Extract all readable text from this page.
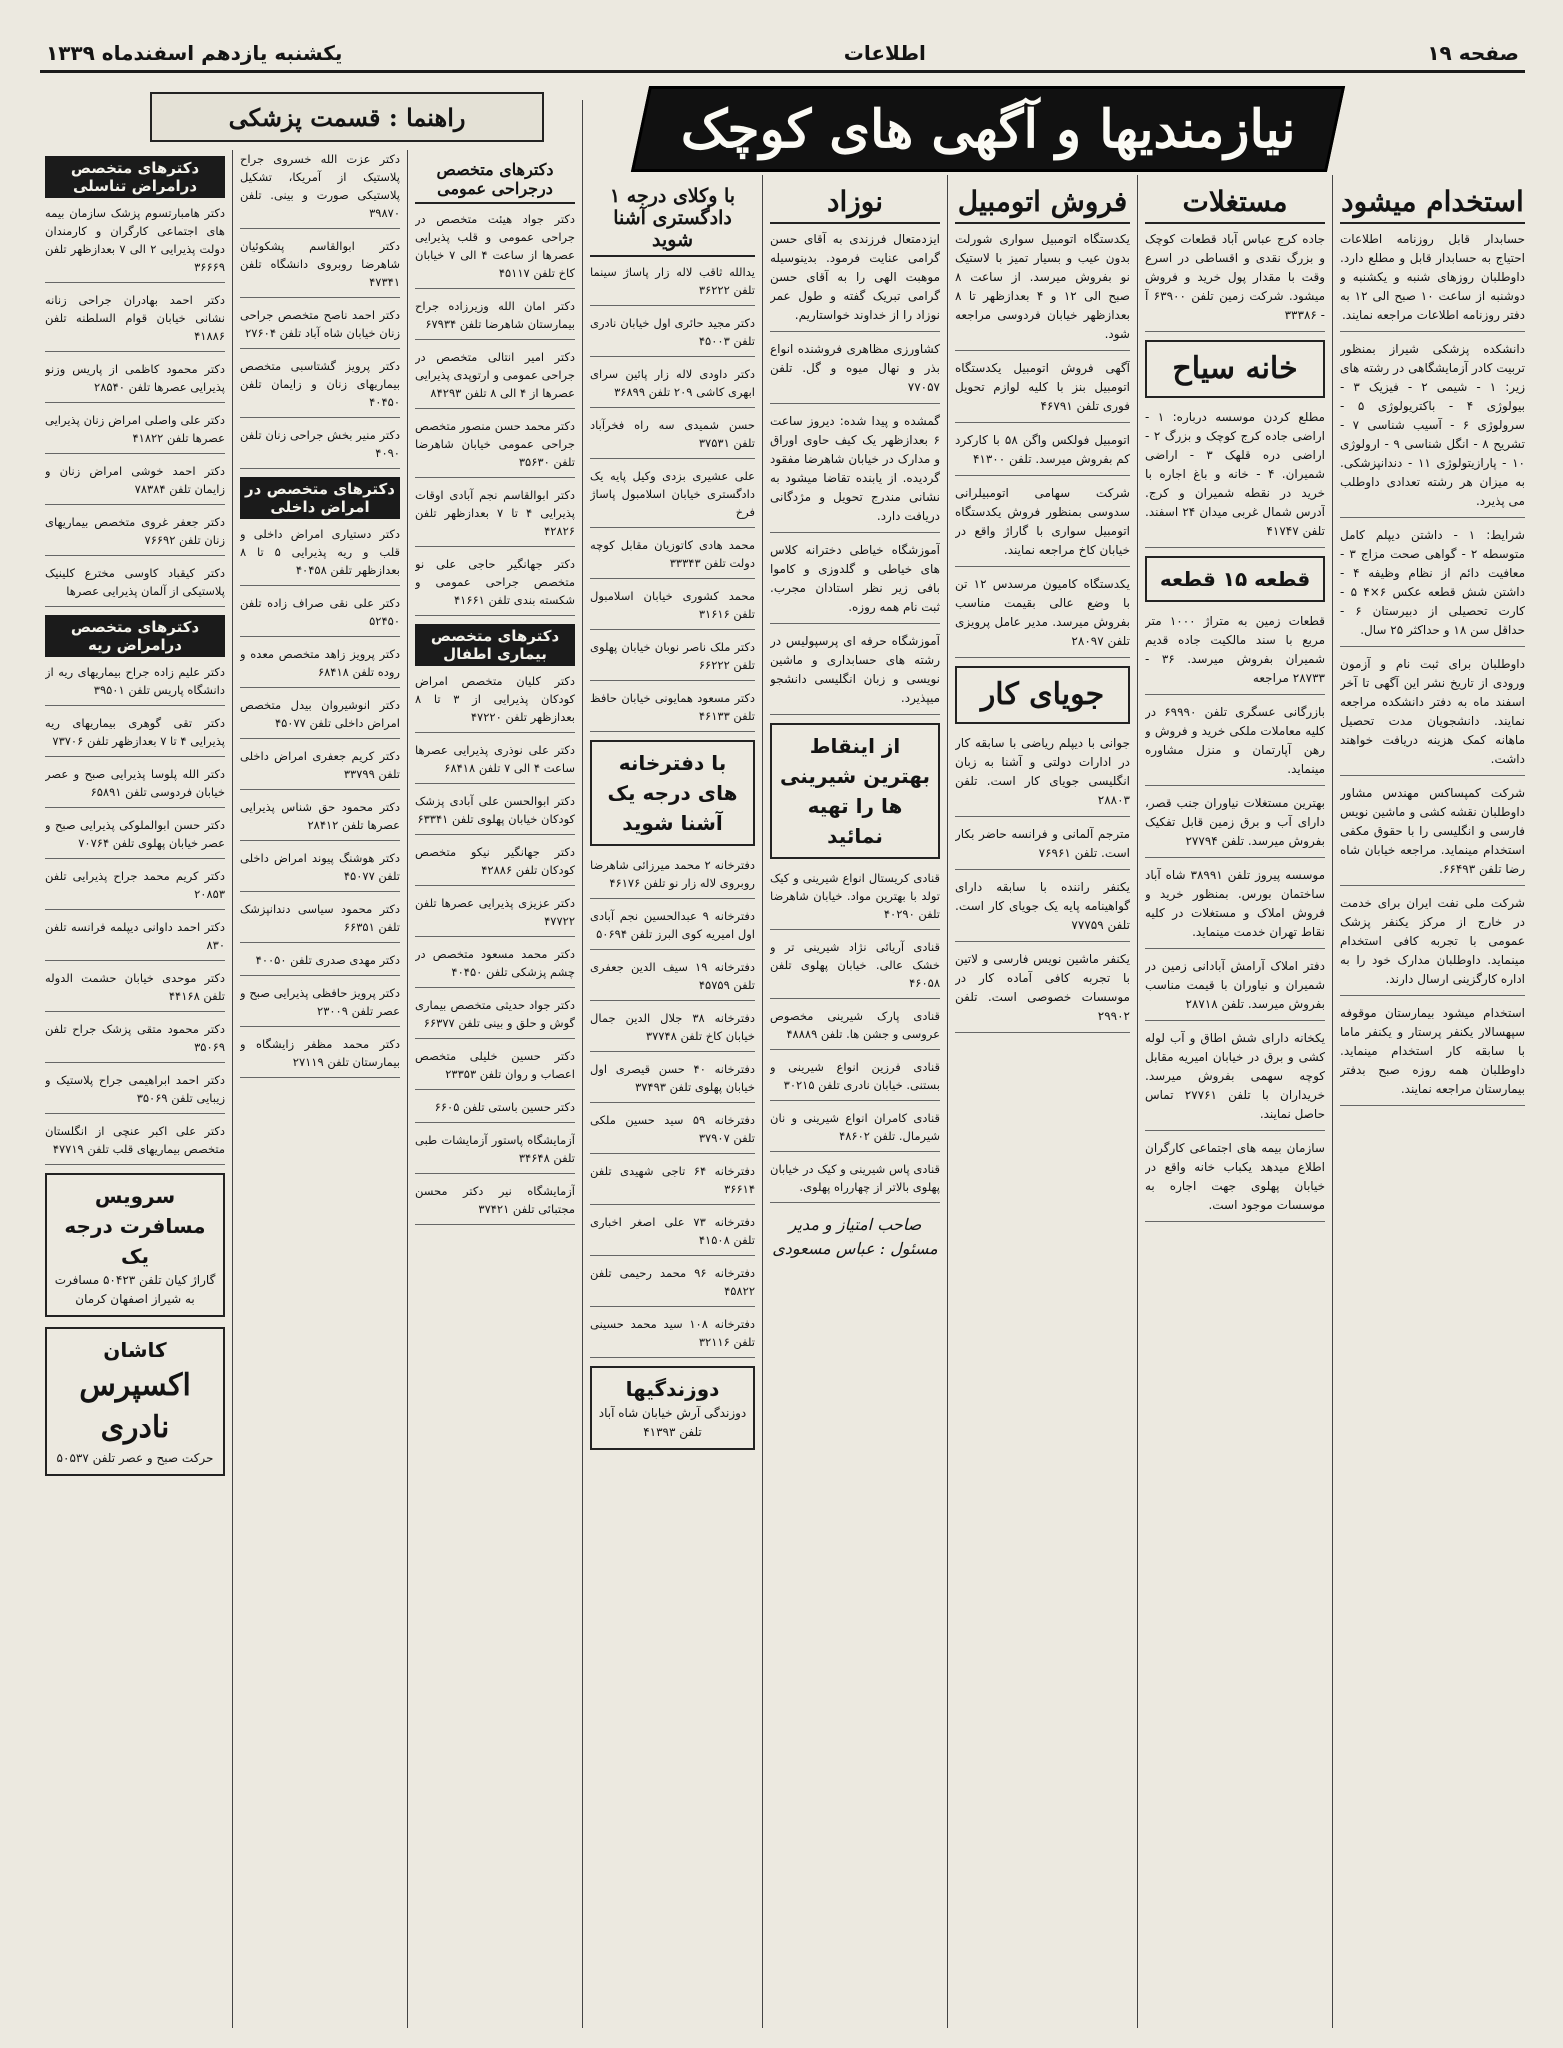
یکشنبه یازدهم اسفندماه ۱۳۳۹	اطلاعات	صفحه ۱۹
نیازمندیها و آگهی های کوچک
راهنما : قسمت پزشکی
استخدام میشود
حسابدار قابل روزنامه اطلاعات احتیاج به حسابدار قابل و مطلع دارد. داوطلبان روزهای شنبه و یکشنبه و دوشنبه از ساعت ۱۰ صبح الی ۱۲ به دفتر روزنامه اطلاعات مراجعه نمایند.
دانشکده پزشکی شیراز بمنظور تربیت کادر آزمایشگاهی در رشته های زیر: ۱ - شیمی ۲ - فیزیک ۳ - بیولوژی ۴ - باکتریولوژی ۵ - سرولوژی ۶ - آسیب شناسی ۷ - تشریح ۸ - انگل شناسی ۹ - ارولوژی ۱۰ - پارازیتولوژی ۱۱ - دندانپزشکی. به میزان هر رشته تعدادی داوطلب می پذیرد.
شرایط: ۱ - داشتن دیپلم کامل متوسطه ۲ - گواهی صحت مزاج ۳ - معافیت دائم از نظام وظیفه ۴ - داشتن شش قطعه عکس ۶×۴ ۵ - کارت تحصیلی از دبیرستان ۶ - حداقل سن ۱۸ و حداکثر ۲۵ سال.
داوطلبان برای ثبت نام و آزمون ورودی از تاریخ نشر این آگهی تا آخر اسفند ماه به دفتر دانشکده مراجعه نمایند. دانشجویان مدت تحصیل ماهانه کمک هزینه دریافت خواهند داشت.
شرکت کمپساکس مهندس مشاور داوطلبان نقشه کشی و ماشین نویس فارسی و انگلیسی را با حقوق مکفی استخدام مینماید. مراجعه خیابان شاه رضا تلفن ۶۶۴۹۳.
شرکت ملی نفت ایران برای خدمت در خارج از مرکز یکنفر پزشک عمومی با تجربه کافی استخدام مینماید. داوطلبان مدارک خود را به اداره کارگزینی ارسال دارند.
استخدام میشود بیمارستان موقوفه سپهسالار یکنفر پرستار و یکنفر ماما با سابقه کار استخدام مینماید. داوطلبان همه روزه صبح بدفتر بیمارستان مراجعه نمایند.
مستغلات
جاده کرج عباس آباد قطعات کوچک و بزرگ نقدی و اقساطی در اسرع وقت با مقدار پول خرید و فروش میشود. شرکت زمین تلفن ۶۳۹۰۰ آ - ۳۳۳۸۶
خانه سیاح
مطلع کردن موسسه درباره: ۱ - اراضی جاده کرج کوچک و بزرگ ۲ - اراضی دره قلهک ۳ - اراضی شمیران. ۴ - خانه و باغ اجاره با خرید در نقطه شمیران و کرج. آدرس شمال غربی میدان ۲۴ اسفند. تلفن ۴۱۷۴۷
قطعه ۱۵ قطعه
قطعات زمین به متراژ ۱۰۰۰ متر مربع با سند مالکیت جاده قدیم شمیران بفروش میرسد. ۳۶ - ۲۸۷۳۳ مراجعه
بازرگانی عسگری تلفن ۶۹۹۹۰ در کلیه معاملات ملکی خرید و فروش و رهن آپارتمان و منزل مشاوره مینماید.
بهترین مستغلات نیاوران جنب قصر، دارای آب و برق زمین قابل تفکیک بفروش میرسد. تلفن ۲۷۷۹۴
موسسه پیروز تلفن ۳۸۹۹۱ شاه آباد ساختمان بورس. بمنظور خرید و فروش املاک و مستغلات در کلیه نقاط تهران خدمت مینماید.
دفتر املاک آرامش آبادانی زمین در شمیران و نیاوران با قیمت مناسب بفروش میرسد. تلفن ۲۸۷۱۸
یکخانه دارای شش اطاق و آب لوله کشی و برق در خیابان امیریه مقابل کوچه سهمی بفروش میرسد. خریداران با تلفن ۲۷۷۶۱ تماس حاصل نمایند.
سازمان بیمه های اجتماعی کارگران اطلاع میدهد یکباب خانه واقع در خیابان پهلوی جهت اجاره به موسسات موجود است.
فروش اتومبیل
یکدستگاه اتومبیل سواری شورلت بدون عیب و بسیار تمیز با لاستیک نو بفروش میرسد. از ساعت ۸ صبح الی ۱۲ و ۴ بعدازظهر تا ۸ بعدازظهر خیابان فردوسی مراجعه شود.
آگهی فروش اتومبیل یکدستگاه اتومبیل بنز با کلیه لوازم تحویل فوری تلفن ۴۶۷۹۱
اتومبیل فولکس واگن ۵۸ با کارکرد کم بفروش میرسد. تلفن ۴۱۳۰۰
شرکت سهامی اتومبیلرانی سدوسی بمنظور فروش یکدستگاه اتومبیل سواری با گاراژ واقع در خیابان کاخ مراجعه نمایند.
یکدستگاه کامیون مرسدس ۱۲ تن با وضع عالی بقیمت مناسب بفروش میرسد. مدیر عامل پرویزی تلفن ۲۸۰۹۷
جویای کار
جوانی با دیپلم ریاضی با سابقه کار در ادارات دولتی و آشنا به زبان انگلیسی جویای کار است. تلفن ۲۸۸۰۳
مترجم آلمانی و فرانسه حاضر بکار است. تلفن ۷۶۹۶۱
یکنفر راننده با سابقه دارای گواهینامه پایه یک جویای کار است. تلفن ۷۷۷۵۹
یکنفر ماشین نویس فارسی و لاتین با تجربه کافی آماده کار در موسسات خصوصی است. تلفن ۲۹۹۰۲
نوزاد
ایزدمتعال فرزندی به آقای حسن گرامی عنایت فرمود. بدینوسیله موهبت الهی را به آقای حسن گرامی تبریک گفته و طول عمر نوزاد را از خداوند خواستاریم.
کشاورزی مظاهری فروشنده انواع بذر و نهال میوه و گل. تلفن ۷۷۰۵۷
گمشده و پیدا شده: دیروز ساعت ۶ بعدازظهر یک کیف حاوی اوراق و مدارک در خیابان شاهرضا مفقود گردیده. از یابنده تقاضا میشود به نشانی مندرج تحویل و مژدگانی دریافت دارد.
آموزشگاه خیاطی دخترانه کلاس های خیاطی و گلدوزی و کاموا بافی زیر نظر استادان مجرب. ثبت نام همه روزه.
آموزشگاه حرفه ای پرسپولیس در رشته های حسابداری و ماشین نویسی و زبان انگلیسی دانشجو میپذیرد.
از اینقاط بهترین شیرینی ها را تهیه نمائید
قنادی کریستال انواع شیرینی و کیک تولد با بهترین مواد. خیابان شاهرضا تلفن ۴۰۲۹۰
قنادی آریائی نژاد شیرینی تر و خشک عالی. خیابان پهلوی تلفن ۴۶۰۵۸
قنادی پارک شیرینی مخصوص عروسی و جشن ها. تلفن ۴۸۸۸۹
قنادی فرزین انواع شیرینی و بستنی. خیابان نادری تلفن ۳۰۲۱۵
قنادی کامران انواع شیرینی و نان شیرمال. تلفن ۴۸۶۰۲
قنادی پاس شیرینی و کیک در خیابان پهلوی بالاتر از چهارراه پهلوی.
صاحب امتیاز و مدیر مسئول : عباس مسعودی
با وکلای درجه ۱ دادگستری آشنا شوید
یدالله ثاقب لاله زار پاساژ سینما تلفن ۳۶۲۲۲
دکتر مجید حائری اول خیابان نادری تلفن ۴۵۰۰۳
دکتر داودی لاله زار پائین سرای ابهری کاشی ۲۰۹ تلفن ۳۶۸۹۹
حسن شمیدی سه راه فخرآباد تلفن ۳۷۵۳۱
علی عشیری بزدی وکیل پایه یک دادگستری خیابان اسلامبول پاساژ فرخ
محمد هادی کاتوزیان مقابل کوچه دولت تلفن ۳۳۳۴۳
محمد کشوری خیابان اسلامبول تلفن ۳۱۶۱۶
دکتر ملک ناصر نوبان خیابان پهلوی تلفن ۶۶۲۲۲
دکتر مسعود همایونی خیابان حافظ تلفن ۴۶۱۳۳
با دفترخانه های درجه یک آشنا شوید
دفترخانه ۲ محمد میرزائی شاهرضا روبروی لاله زار نو تلفن ۴۶۱۷۶
دفترخانه ۹ عبدالحسین نجم آبادی اول امیریه کوی البرز تلفن ۵۰۶۹۴
دفترخانه ۱۹ سیف الدین جعفری تلفن ۴۵۷۵۹
دفترخانه ۳۸ جلال الدین جمال خیابان کاخ تلفن ۳۷۷۴۸
دفترخانه ۴۰ حسن قیصری اول خیابان پهلوی تلفن ۳۷۴۹۳
دفترخانه ۵۹ سید حسین ملکی تلفن ۳۷۹۰۷
دفترخانه ۶۴ تاجی شهیدی تلفن ۳۶۶۱۴
دفترخانه ۷۳ علی اصغر اخباری تلفن ۴۱۵۰۸
دفترخانه ۹۶ محمد رحیمی تلفن ۴۵۸۲۲
دفترخانه ۱۰۸ سید محمد حسینی تلفن ۳۲۱۱۶
دوزندگیها
دوزندگی آرش خیابان شاه آباد تلفن ۴۱۳۹۳
دکترهای متخصص درجراحی عمومی
دکتر جواد هیئت متخصص در جراحی عمومی و قلب پذیرایی عصرها از ساعت ۴ الی ۷ خیابان کاخ تلفن ۴۵۱۱۷
دکتر امان الله وزیرزاده جراح بیمارستان شاهرضا تلفن ۶۷۹۳۴
دکتر امیر انتالی متخصص در جراحی عمومی و ارتوپدی پذیرایی عصرها از ۴ الی ۸ تلفن ۸۴۲۹۳
دکتر محمد حسن منصور متخصص جراحی عمومی خیابان شاهرضا تلفن ۳۵۶۳۰
دکتر ابوالقاسم نجم آبادی اوقات پذیرایی ۴ تا ۷ بعدازظهر تلفن ۴۲۸۲۶
دکتر جهانگیر حاجی علی نو متخصص جراحی عمومی و شکسته بندی تلفن ۴۱۶۶۱
دکترهای متخصص بیماری اطفال
دکتر کلیان متخصص امراض کودکان پذیرایی از ۳ تا ۸ بعدازظهر تلفن ۴۷۲۲۰
دکتر علی نوذری پذیرایی عصرها ساعت ۴ الی ۷ تلفن ۶۸۴۱۸
دکتر ابوالحسن علی آبادی پزشک کودکان خیابان پهلوی تلفن ۶۳۳۴۱
دکتر جهانگیر نیکو متخصص کودکان تلفن ۴۲۸۸۶
دکتر عزیزی پذیرایی عصرها تلفن ۴۷۷۲۲
دکتر محمد مسعود متخصص در چشم پزشکی تلفن ۴۰۴۵۰
دکتر جواد حدیثی متخصص بیماری گوش و حلق و بینی تلفن ۶۶۳۷۷
دکتر حسین خلیلی متخصص اعصاب و روان تلفن ۲۳۳۵۳
دکتر حسین باستی تلفن ۶۶۰۵
آزمایشگاه پاستور آزمایشات طبی تلفن ۳۴۶۴۸
آزمایشگاه نیر دکتر محسن مجتبائی تلفن ۳۷۴۲۱
دکتر عزت الله خسروی جراح پلاستیک از آمریکا، تشکیل پلاستیکی صورت و بینی. تلفن ۳۹۸۷۰
دکتر ابوالقاسم پشکوئیان شاهرضا روبروی دانشگاه تلفن ۴۷۳۴۱
دکتر احمد ناصح متخصص جراحی زنان خیابان شاه آباد تلفن ۲۷۶۰۴
دکتر پرویز گشتاسبی متخصص بیماریهای زنان و زایمان تلفن ۴۰۴۵۰
دکتر منیر بخش جراحی زنان تلفن ۴۰۹۰
دکترهای متخصص در امراض داخلی
دکتر دستیاری امراض داخلی و قلب و ریه پذیرایی ۵ تا ۸ بعدازظهر تلفن ۴۰۴۵۸
دکتر علی نقی صراف زاده تلفن ۵۲۴۵۰
دکتر پرویز زاهد متخصص معده و روده تلفن ۶۸۴۱۸
دکتر انوشیروان بیدل متخصص امراض داخلی تلفن ۴۵۰۷۷
دکتر کریم جعفری امراض داخلی تلفن ۳۳۷۹۹
دکتر محمود حق شناس پذیرایی عصرها تلفن ۲۸۴۱۲
دکتر هوشنگ پیوند امراض داخلی تلفن ۴۵۰۷۷
دکتر محمود سیاسی دندانپزشک تلفن ۶۶۳۵۱
دکتر مهدی صدری تلفن ۴۰۰۵۰
دکتر پرویز حافظی پذیرایی صبح و عصر تلفن ۲۳۰۰۹
دکتر محمد مظفر زایشگاه و بیمارستان تلفن ۲۷۱۱۹
دکترهای متخصص درامراض تناسلی
دکتر هامبارتسوم پزشک سازمان بیمه های اجتماعی کارگران و کارمندان دولت پذیرایی ۲ الی ۷ بعدازظهر تلفن ۳۶۶۶۹
دکتر احمد بهادران جراحی زنانه نشانی خیابان قوام السلطنه تلفن ۴۱۸۸۶
دکتر محمود کاظمی از پاریس وزنو پذیرایی عصرها تلفن ۲۸۵۴۰
دکتر علی واصلی امراض زنان پذیرایی عصرها تلفن ۴۱۸۲۲
دکتر احمد خوشی امراض زنان و زایمان تلفن ۷۸۳۸۴
دکتر جعفر غروی متخصص بیماریهای زنان تلفن ۷۶۶۹۲
دکتر کیقباد کاوسی مخترع کلینیک پلاستیکی از آلمان پذیرایی عصرها
دکترهای متخصص درامراض ریه
دکتر علیم زاده جراح بیماریهای ریه از دانشگاه پاریس تلفن ۳۹۵۰۱
دکتر تقی گوهری بیماریهای ریه پذیرایی ۴ تا ۷ بعدازظهر تلفن ۷۳۷۰۶
دکتر الله پلوسا پذیرایی صبح و عصر خیابان فردوسی تلفن ۶۵۸۹۱
دکتر حسن ابوالملوکی پذیرایی صبح و عصر خیابان پهلوی تلفن ۷۰۷۶۴
دکتر کریم محمد جراح پذیرایی تلفن ۲۰۸۵۳
دکتر احمد داوانی دیپلمه فرانسه تلفن ۸۳۰
دکتر موحدی خیابان حشمت الدوله تلفن ۴۴۱۶۸
دکتر محمود متقی پزشک جراح تلفن ۳۵۰۶۹
دکتر احمد ابراهیمی جراح پلاستیک و زیبایی تلفن ۳۵۰۶۹
دکتر علی اکبر عنچی از انگلستان متخصص بیماریهای قلب تلفن ۴۷۷۱۹
سرویس مسافرت درجه یک
گاراژ کیان تلفن ۵۰۴۲۳ مسافرت به شیراز اصفهان کرمان
کاشان
اکسپرس نادری
حرکت صبح و عصر تلفن ۵۰۵۳۷
